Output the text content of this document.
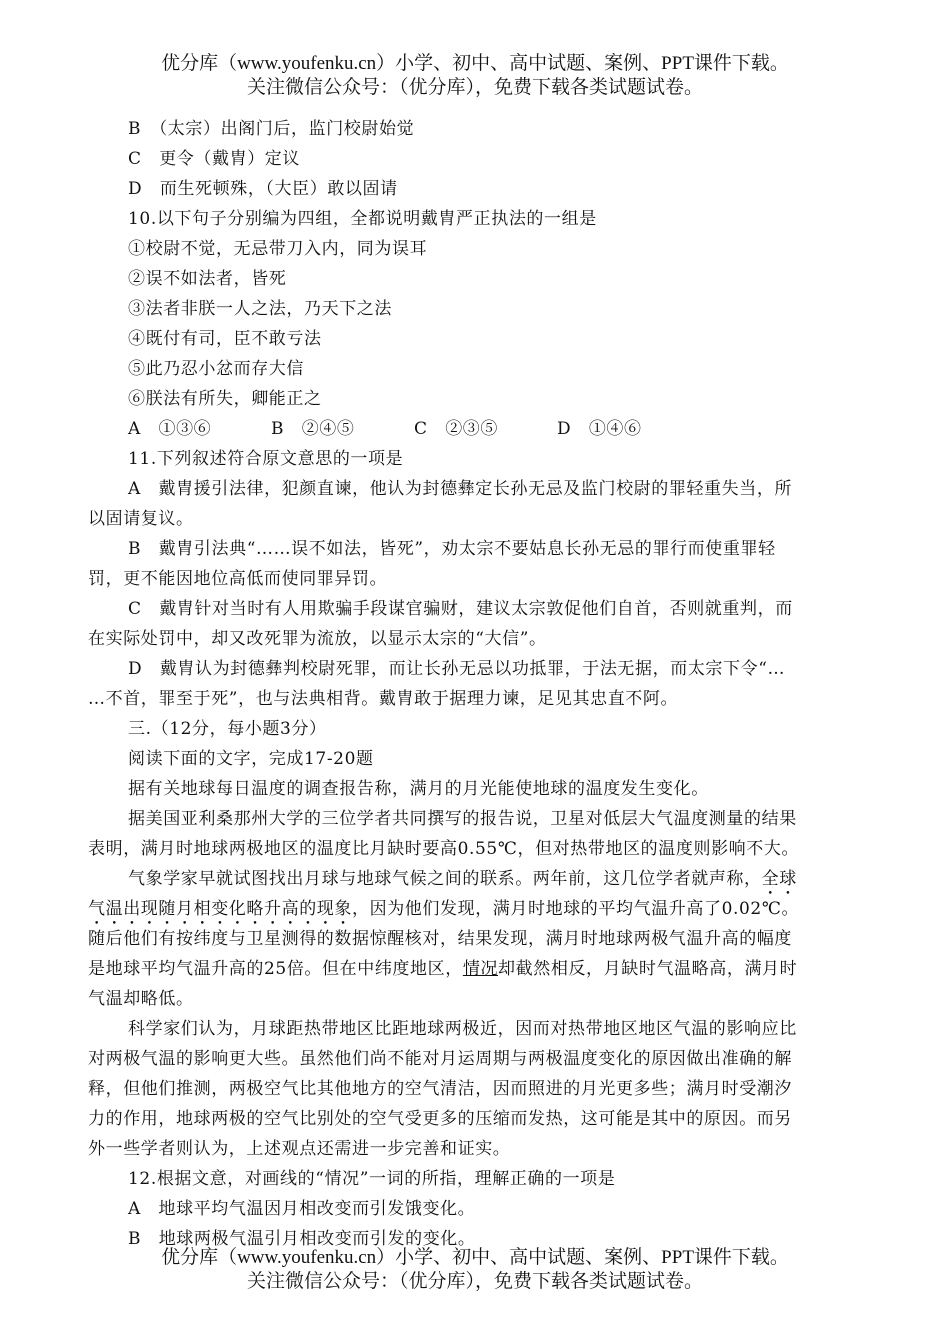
优分库（www.youfenku.cn）小学、初中、高中试题、案例、PPT课件下载。
关注微信公众号：（优分库），免费下载各类试题试卷。
B　（太宗）出阁门后，监门校尉始觉
C　更令（戴胄）定议
D　而生死顿殊，（大臣）敢以固请
10.以下句子分别编为四组，全都说明戴胄严正执法的一组是
①校尉不觉，无忌带刀入内，同为误耳
②误不如法者，皆死
③法者非朕一人之法，乃天下之法
④既付有司，臣不敢亏法
⑤此乃忍小忿而存大信
⑥朕法有所失，卿能正之
A　①③⑥	B　②④⑤	C　②③⑤	D　①④⑥
11.下列叙述符合原文意思的一项是
A　戴胄援引法律，犯颜直谏，他认为封德彝定长孙无忌及监门校尉的罪轻重失当，所
以固请复议。
B　戴胄引法典“……误不如法，皆死”，劝太宗不要姑息长孙无忌的罪行而使重罪轻
罚，更不能因地位高低而使同罪异罚。
C　戴胄针对当时有人用欺骗手段谋官骗财，建议太宗敦促他们自首，否则就重判，而
在实际处罚中，却又改死罪为流放，以显示太宗的“大信”。
D　戴胄认为封德彝判校尉死罪，而让长孙无忌以功抵罪，于法无据，而太宗下令“…
…不首，罪至于死”，也与法典相背。戴胄敢于据理力谏，足见其忠直不阿。
三.（12分，每小题3分）
阅读下面的文字，完成17-20题
据有关地球每日温度的调查报告称，满月的月光能使地球的温度发生变化。
据美国亚利桑那州大学的三位学者共同撰写的报告说，卫星对低层大气温度测量的结果
表明，满月时地球两极地区的温度比月缺时要高0.55℃，但对热带地区的温度则影响不大。
气象学家早就试图找出月球与地球气候之间的联系。两年前，这几位学者就声称，全球
气温出现随月相变化略升高的现象，因为他们发现，满月时地球的平均气温升高了0.02℃。
随后他们有按纬度与卫星测得的数据惊醒核对，结果发现，满月时地球两极气温升高的幅度
是地球平均气温升高的25倍。但在中纬度地区，情况却截然相反，月缺时气温略高，满月时
气温却略低。
科学家们认为，月球距热带地区比距地球两极近，因而对热带地区地区气温的影响应比
对两极气温的影响更大些。虽然他们尚不能对月运周期与两极温度变化的原因做出准确的解
释，但他们推测，两极空气比其他地方的空气清洁，因而照进的月光更多些；满月时受潮汐
力的作用，地球两极的空气比别处的空气受更多的压缩而发热，这可能是其中的原因。而另
外一些学者则认为，上述观点还需进一步完善和证实。
12.根据文意，对画线的“情况”一词的所指，理解正确的一项是
A　地球平均气温因月相改变而引发饿变化。
B　地球两极气温引月相改变而引发的变化。
优分库（www.youfenku.cn）小学、初中、高中试题、案例、PPT课件下载。
关注微信公众号：（优分库），免费下载各类试题试卷。
